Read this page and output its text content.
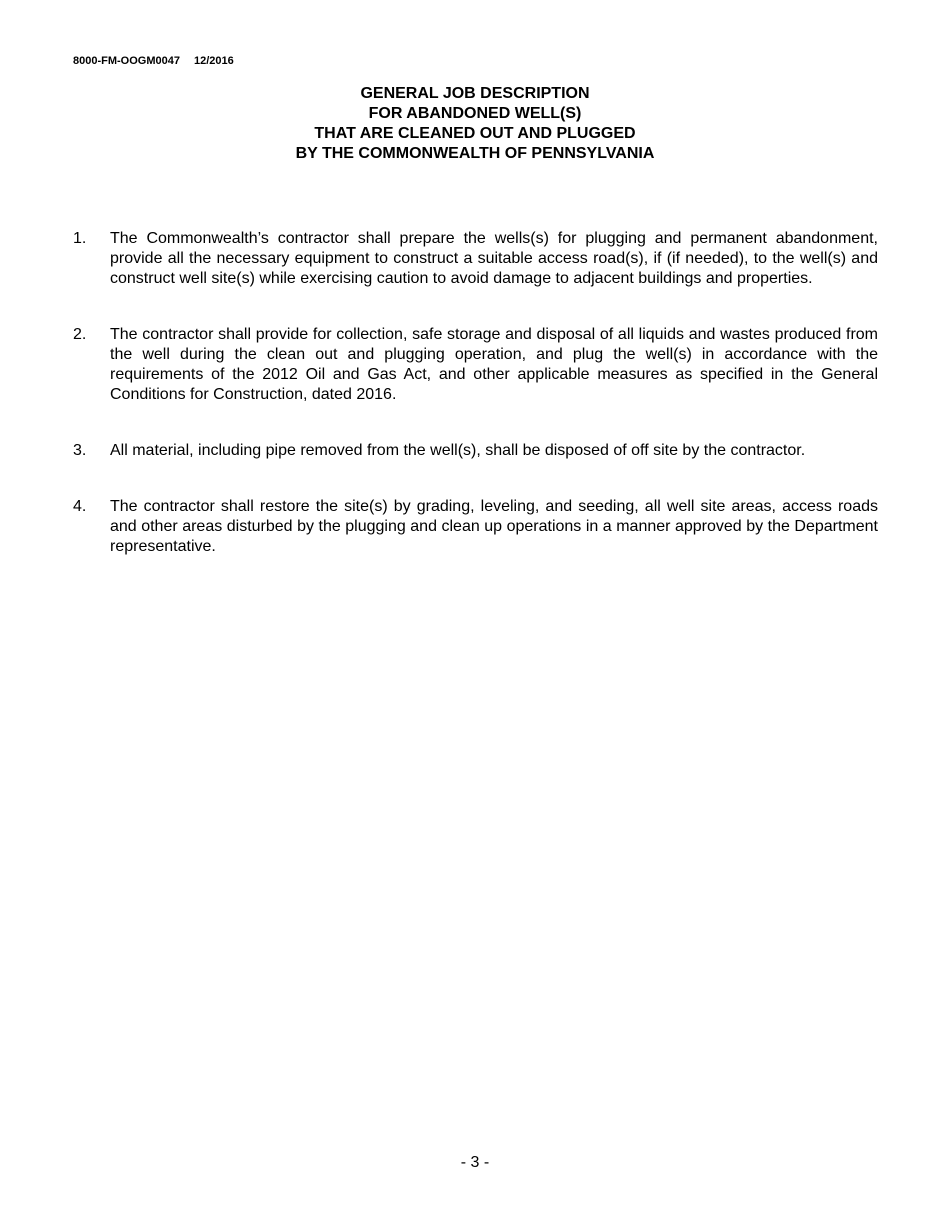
8000-FM-OOGM0047 12/2016
GENERAL JOB DESCRIPTION
FOR ABANDONED WELL(S)
THAT ARE CLEANED OUT AND PLUGGED
BY THE COMMONWEALTH OF PENNSYLVANIA
1. The Commonwealth’s contractor shall prepare the wells(s) for plugging and permanent abandonment, provide all the necessary equipment to construct a suitable access road(s), if (if needed), to the well(s) and construct well site(s) while exercising caution to avoid damage to adjacent buildings and properties.
2. The contractor shall provide for collection, safe storage and disposal of all liquids and wastes produced from the well during the clean out and plugging operation, and plug the well(s) in accordance with the requirements of the 2012 Oil and Gas Act, and other applicable measures as specified in the General Conditions for Construction, dated 2016.
3. All material, including pipe removed from the well(s), shall be disposed of off site by the contractor.
4. The contractor shall restore the site(s) by grading, leveling, and seeding, all well site areas, access roads and other areas disturbed by the plugging and clean up operations in a manner approved by the Department representative.
- 3 -
